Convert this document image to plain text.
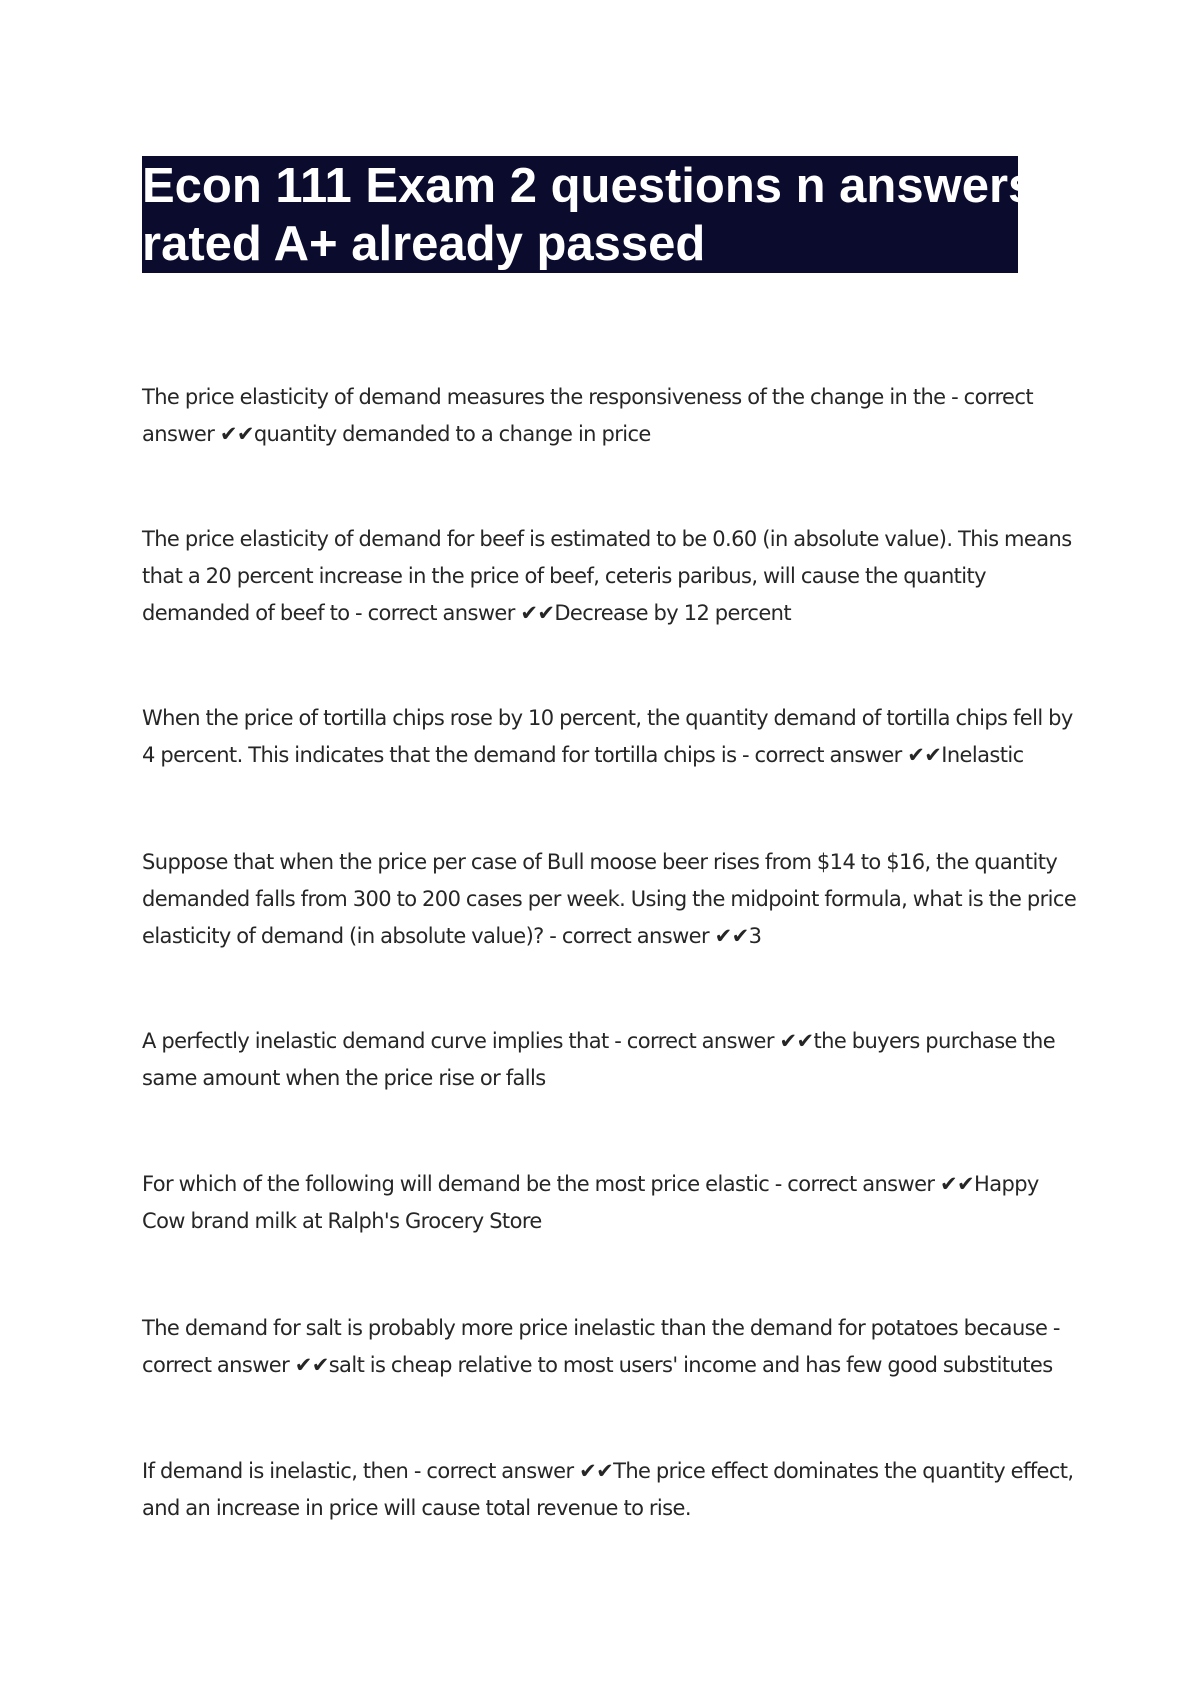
Econ 111 Exam 2 questions n answers
rated A+ already passed
The price elasticity of demand measures the responsiveness of the change in the - correct
answer ✔✔quantity demanded to a change in price
The price elasticity of demand for beef is estimated to be 0.60 (in absolute value). This means
that a 20 percent increase in the price of beef, ceteris paribus, will cause the quantity
demanded of beef to - correct answer ✔✔Decrease by 12 percent
When the price of tortilla chips rose by 10 percent, the quantity demand of tortilla chips fell by
4 percent. This indicates that the demand for tortilla chips is - correct answer ✔✔Inelastic
Suppose that when the price per case of Bull moose beer rises from $14 to $16, the quantity
demanded falls from 300 to 200 cases per week. Using the midpoint formula, what is the price
elasticity of demand (in absolute value)? - correct answer ✔✔3
A perfectly inelastic demand curve implies that - correct answer ✔✔the buyers purchase the
same amount when the price rise or falls
For which of the following will demand be the most price elastic - correct answer ✔✔Happy
Cow brand milk at Ralph's Grocery Store
The demand for salt is probably more price inelastic than the demand for potatoes because -
correct answer ✔✔salt is cheap relative to most users' income and has few good substitutes
If demand is inelastic, then - correct answer ✔✔The price effect dominates the quantity effect,
and an increase in price will cause total revenue to rise.
